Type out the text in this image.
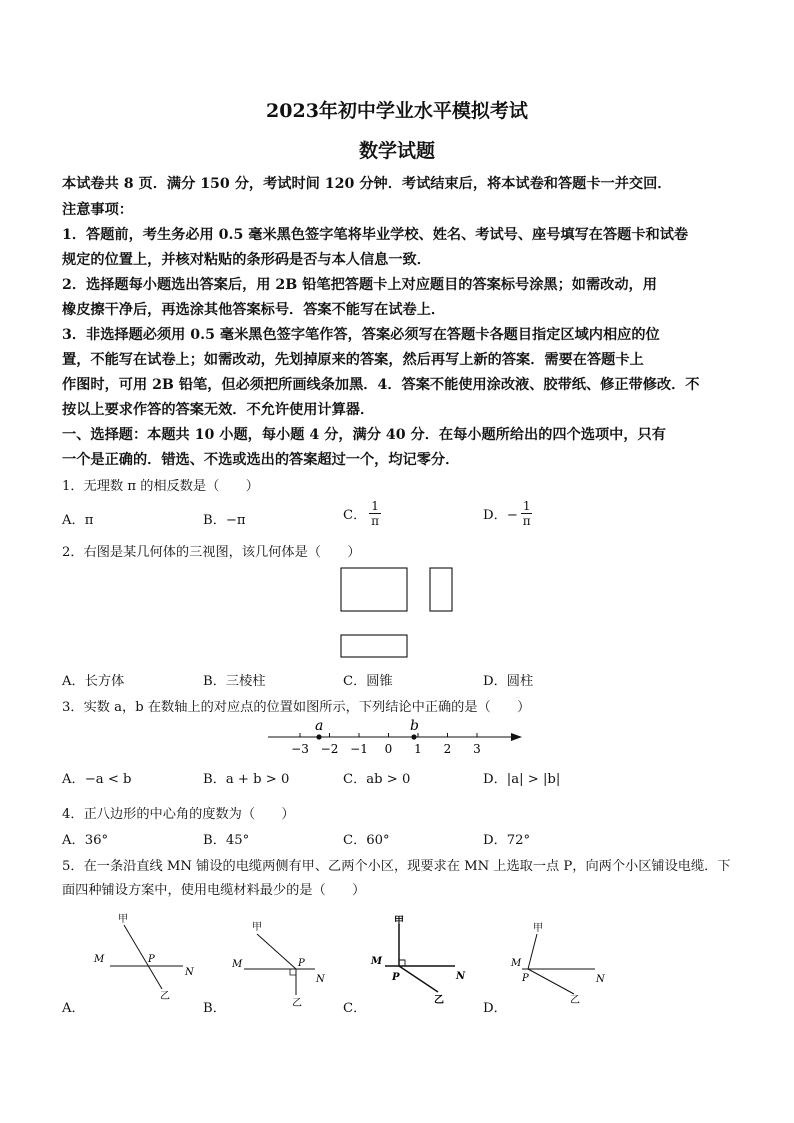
2023年初中学业水平模拟考试
数学试题
本试卷共 8 页．满分 150 分，考试时间 120 分钟．考试结束后，将本试卷和答题卡一并交回．
注意事项：
1．答题前，考生务必用 0.5 毫米黑色签字笔将毕业学校、姓名、考试号、座号填写在答题卡和试卷
规定的位置上，并核对粘贴的条形码是否与本人信息一致．
2．选择题每小题选出答案后，用 2B 铅笔把答题卡上对应题目的答案标号涂黑；如需改动，用
橡皮擦干净后，再选涂其他答案标号．答案不能写在试卷上．
3．非选择题必须用 0.5 毫米黑色签字笔作答，答案必须写在答题卡各题目指定区域内相应的位
置，不能写在试卷上；如需改动，先划掉原来的答案，然后再写上新的答案．需要在答题卡上
作图时，可用 2B 铅笔，但必须把所画线条加黑．4．答案不能使用涂改液、胶带纸、修正带修改．不
按以上要求作答的答案无效．不允许使用计算器．
一、选择题：本题共 10 小题，每小题 4 分，满分 40 分．在每小题所给出的四个选项中，只有
一个是正确的．错选、不选或选出的答案超过一个，均记零分．
1．无理数 π 的相反数是（　　）
A．π	B．−π	C． $\frac{1}{\pi}$	D．− $\frac{1}{\pi}$
2．右图是某几何体的三视图，该几何体是（　　）
A．长方体	B．三棱柱	C．圆锥	D．圆柱
3．实数 a，b 在数轴上的对应点的位置如图所示，下列结论中正确的是（　　）
−3 −2 −1 0 1 2 3
a	b
A．−a < b	B．a + b > 0	C．ab > 0	D．|a| > |b|
4．正八边形的中心角的度数为（　　）
A．36°	B．45°	C．60°	D．72°
5．在一条沿直线 MN 铺设的电缆两侧有甲、乙两个小区，现要求在 MN 上选取一点 P，向两个小区铺设电缆．下
面四种铺设方案中，使用电缆材料最少的是（　　）
甲
乙
M
N
P
甲
乙
M
N
P
甲
乙
M
N
P
甲
乙
M
N
P
A．	B．	C．	D．
